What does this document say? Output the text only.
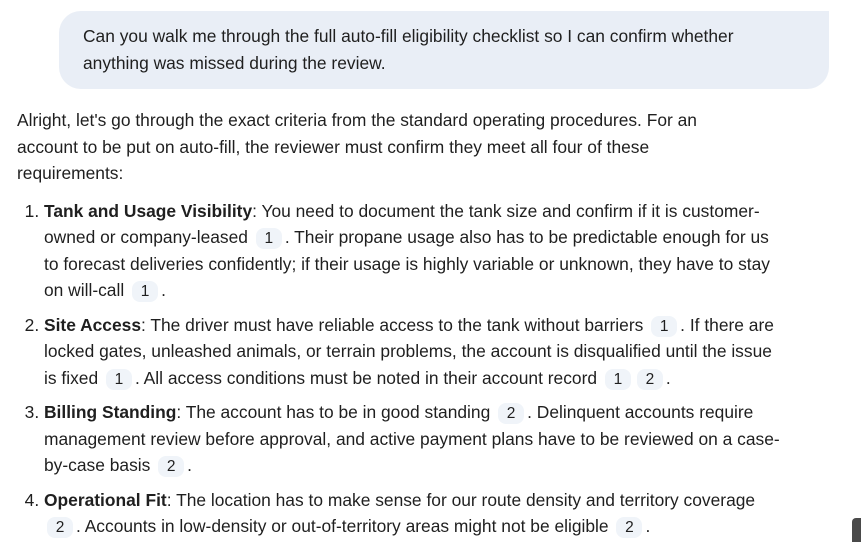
Can you walk me through the full auto-fill eligibility checklist so I can confirm whether anything was missed during the review.

Alright, let's go through the exact criteria from the standard operating procedures. For an account to be put on auto-fill, the reviewer must confirm they meet all four of these requirements:

1. Tank and Usage Visibility: You need to document the tank size and confirm if it is customer-owned or company-leased 1 . Their propane usage also has to be predictable enough for us to forecast deliveries confidently; if their usage is highly variable or unknown, they have to stay on will-call 1 .
2. Site Access: The driver must have reliable access to the tank without barriers 1 . If there are locked gates, unleashed animals, or terrain problems, the account is disqualified until the issue is fixed 1 . All access conditions must be noted in their account record 1 2 .
3. Billing Standing: The account has to be in good standing 2 . Delinquent accounts require management review before approval, and active payment plans have to be reviewed on a case-by-case basis 2 .
4. Operational Fit: The location has to make sense for our route density and territory coverage 2 . Accounts in low-density or out-of-territory areas might not be eligible 2 .
